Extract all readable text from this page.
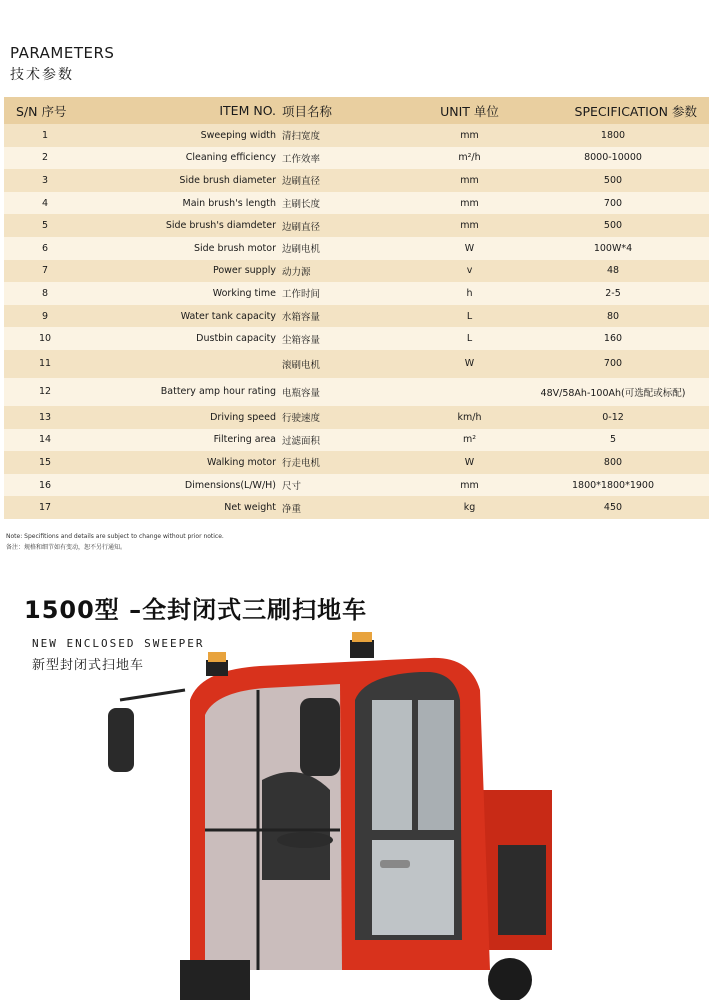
PARAMETERS
技术参数
S/N 序号	ITEM NO.	项目名称	UNIT 单位	SPECIFICATION 参数
1	Sweeping width	清扫宽度	mm	1800
2	Cleaning efficiency	工作效率	m²/h	8000-10000
3	Side brush diameter	边刷直径	mm	500
4	Main brush's length	主刷长度	mm	700
5	Side brush's diamdeter	边刷直径	mm	500
6	Side brush motor	边刷电机	W	100W*4
7	Power supply	动力源	v	48
8	Working time	工作时间	h	2-5
9	Water tank capacity	水箱容量	L	80
10	Dustbin capacity	尘箱容量	L	160
11		滚刷电机	W	700
12	Battery amp hour rating	电瓶容量		48V/58Ah-100Ah(可选配或标配)
13	Driving speed	行驶速度	km/h	0-12
14	Filtering area	过滤面积	m²	5
15	Walking motor	行走电机	W	800
16	Dimensions(L/W/H)	尺寸	mm	1800*1800*1900
17	Net weight	净重	kg	450
Note: Specifitions and details are subject to change without prior notice.
备注：规格和细节如有变动，恕不另行通知。
1500型 –全封闭式三刷扫地车
NEW ENCLOSED SWEEPER
新型封闭式扫地车
